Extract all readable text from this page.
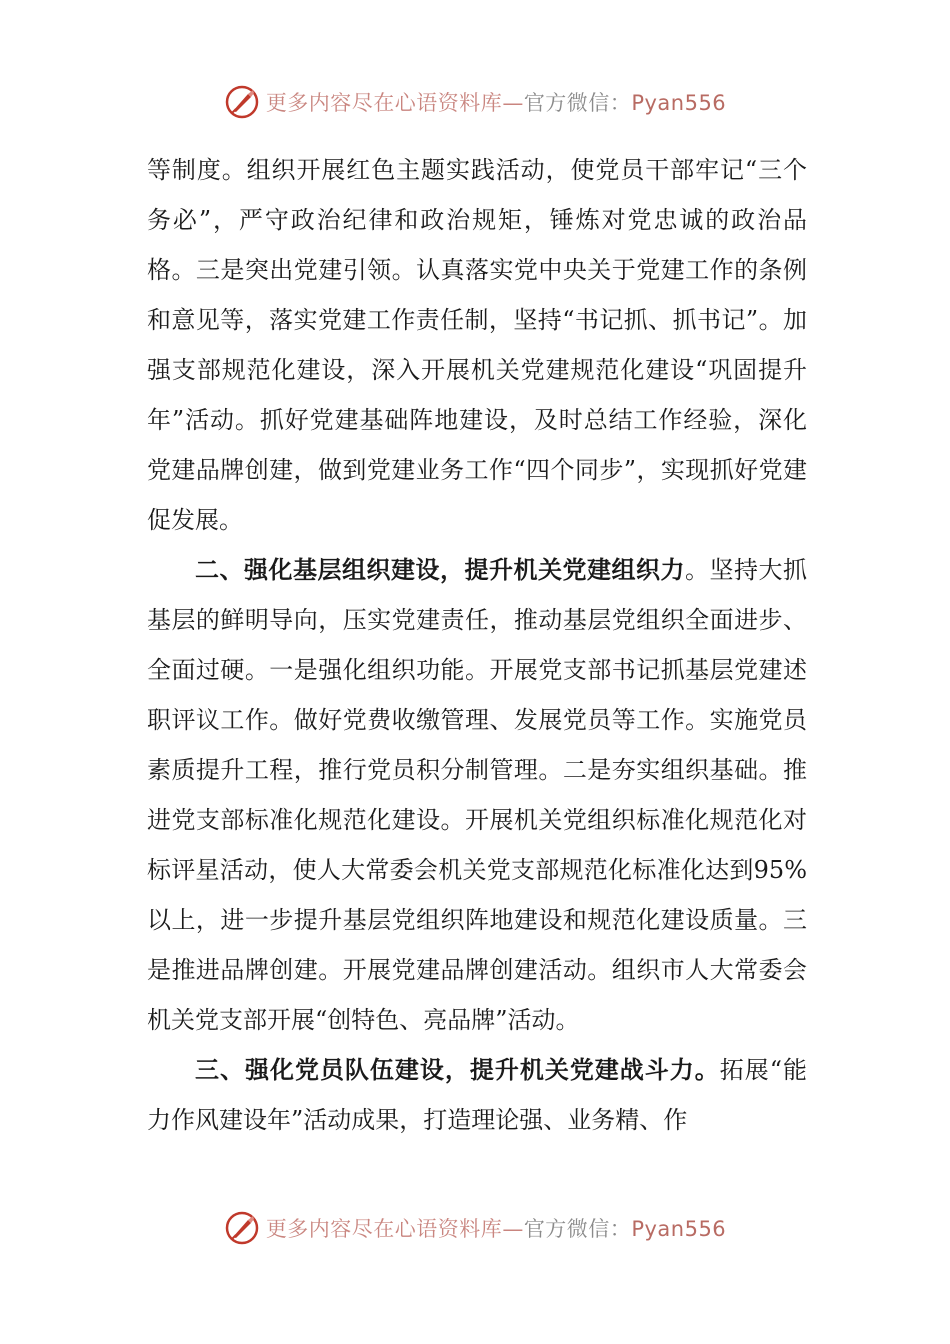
更多内容尽在心语资料库—官方微信：Pyan556

等制度。组织开展红色主题实践活动，使党员干部牢记“三个务必”，严守政治纪律和政治规矩，锤炼对党忠诚的政治品格。三是突出党建引领。认真落实党中央关于党建工作的条例和意见等，落实党建工作责任制，坚持“书记抓、抓书记”。加强支部规范化建设，深入开展机关党建规范化建设“巩固提升年”活动。抓好党建基础阵地建设，及时总结工作经验，深化党建品牌创建，做到党建业务工作“四个同步”，实现抓好党建促发展。

二、强化基层组织建设，提升机关党建组织力。坚持大抓基层的鲜明导向，压实党建责任，推动基层党组织全面进步、全面过硬。一是强化组织功能。开展党支部书记抓基层党建述职评议工作。做好党费收缴管理、发展党员等工作。实施党员素质提升工程，推行党员积分制管理。二是夯实组织基础。推进党支部标准化规范化建设。开展机关党组织标准化规范化对标评星活动，使人大常委会机关党支部规范化标准化达到95%以上，进一步提升基层党组织阵地建设和规范化建设质量。三是推进品牌创建。开展党建品牌创建活动。组织市人大常委会机关党支部开展“创特色、亮品牌”活动。

三、强化党员队伍建设，提升机关党建战斗力。拓展“能力作风建设年”活动成果，打造理论强、业务精、作

更多内容尽在心语资料库—官方微信：Pyan556
